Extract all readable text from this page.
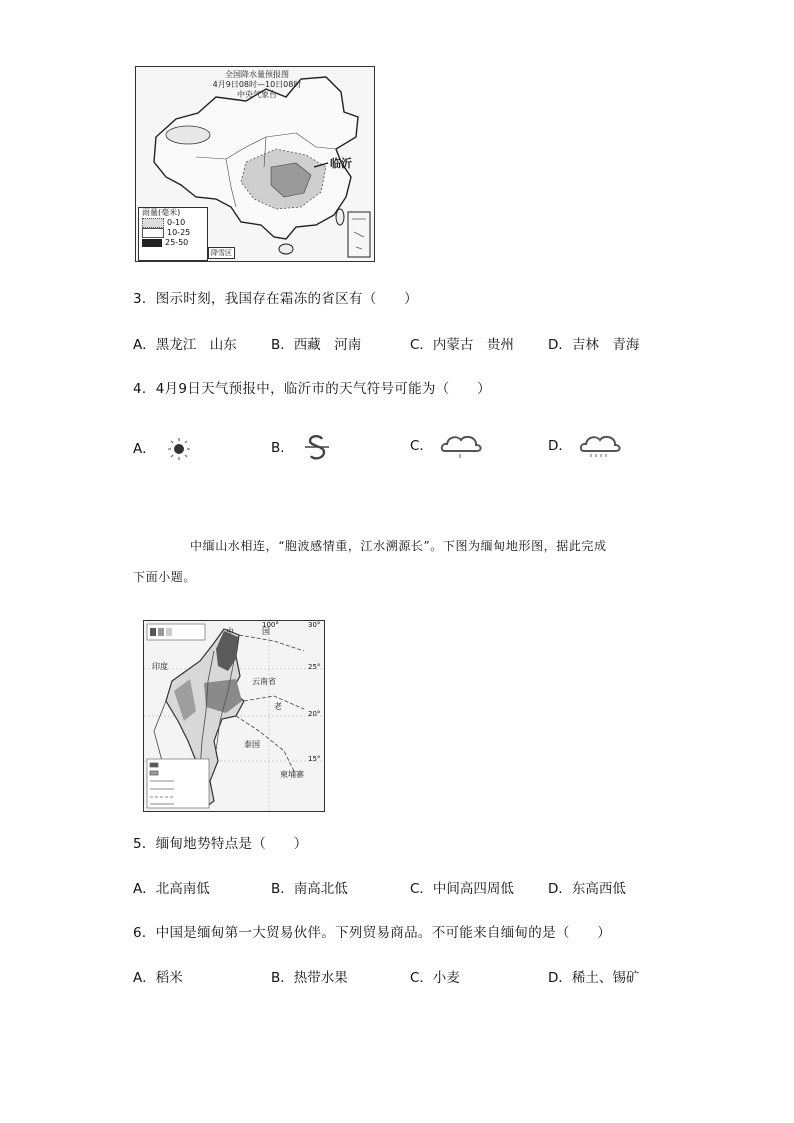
全国降水量预报图
4月9日08时—10日08时
中央气象台
临沂
雨量(毫米)
0-10
10-25
25-50
降雪区
3．图示时刻，我国存在霜冻的省区有（　　）
A．黑龙江　山东	B．西藏　河南	C．内蒙古　贵州	D．吉林　青海
4．4月9日天气预报中，临沂市的天气符号可能为（　　）
A．	B．	C．	D．
中缅山水相连，“胞波感情重，江水溯源长”。下图为缅甸地形图，据此完成
下面小题。
中	国
云南省
老
印度
泰国
柬埔寨
30°
25°
20°
15°
100°
5．缅甸地势特点是（　　）
A．北高南低	B．南高北低	C．中间高四周低	D．东高西低
6．中国是缅甸第一大贸易伙伴。下列贸易商品。不可能来自缅甸的是（　　）
A．稻米	B．热带水果	C．小麦	D．稀土、锡矿
